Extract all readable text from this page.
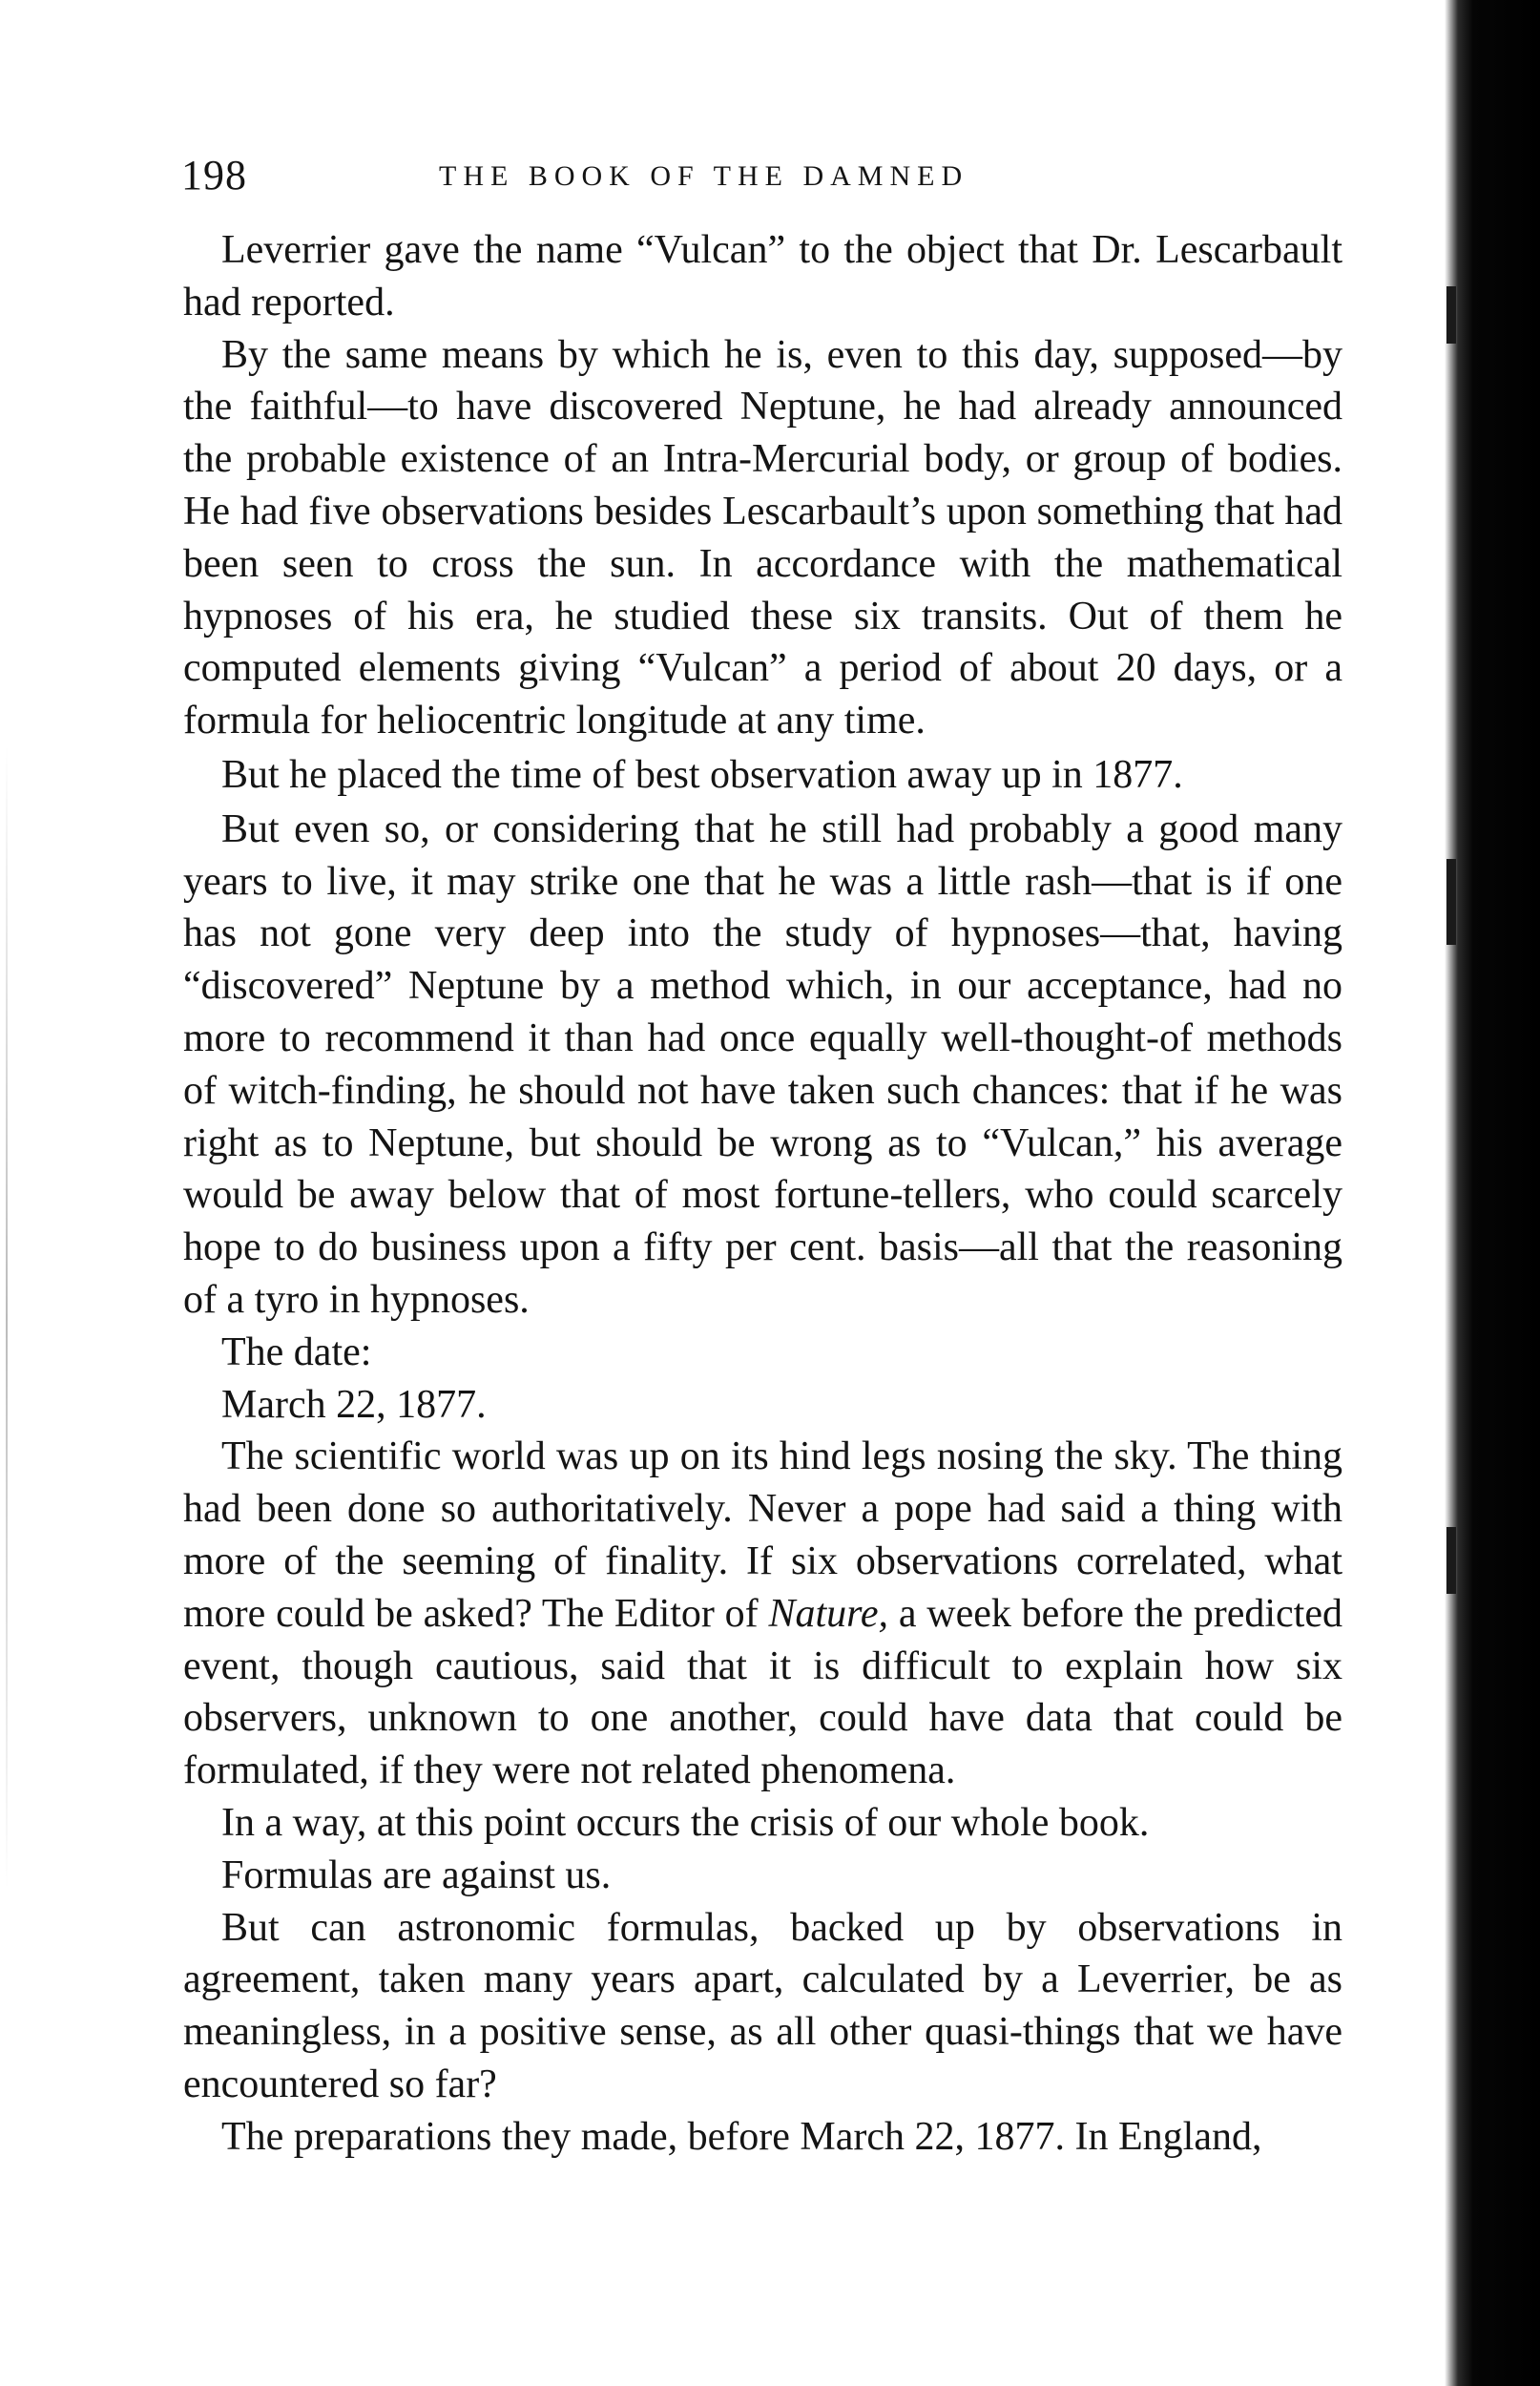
198	THE BOOK OF THE DAMNED

Leverrier gave the name “Vulcan” to the object that Dr. Lescarbault had reported.

By the same means by which he is, even to this day, supposed—by the faithful—to have discovered Neptune, he had already announced the probable existence of an Intra-Mercurial body, or group of bodies. He had five observations besides Lescarbault’s upon something that had been seen to cross the sun. In accordance with the mathematical hypnoses of his era, he studied these six transits. Out of them he computed elements giving “Vulcan” a period of about 20 days, or a formula for heliocentric longitude at any time.

But he placed the time of best observation away up in 1877.

But even so, or considering that he still had probably a good many years to live, it may strike one that he was a little rash—that is if one has not gone very deep into the study of hypnoses—that, having “discovered” Neptune by a method which, in our acceptance, had no more to recommend it than had once equally well-thought-of methods of witch-finding, he should not have taken such chances: that if he was right as to Neptune, but should be wrong as to “Vulcan,” his average would be away below that of most fortune-tellers, who could scarcely hope to do business upon a fifty per cent. basis—all that the reasoning of a tyro in hypnoses.

The date:

March 22, 1877.

The scientific world was up on its hind legs nosing the sky. The thing had been done so authoritatively. Never a pope had said a thing with more of the seeming of finality. If six observations correlated, what more could be asked? The Editor of Nature, a week before the predicted event, though cautious, said that it is difficult to explain how six observers, unknown to one another, could have data that could be formulated, if they were not related phenomena.

In a way, at this point occurs the crisis of our whole book.

Formulas are against us.

But can astronomic formulas, backed up by observations in agreement, taken many years apart, calculated by a Leverrier, be as meaningless, in a positive sense, as all other quasi-things that we have encountered so far?

The preparations they made, before March 22, 1877. In England,
